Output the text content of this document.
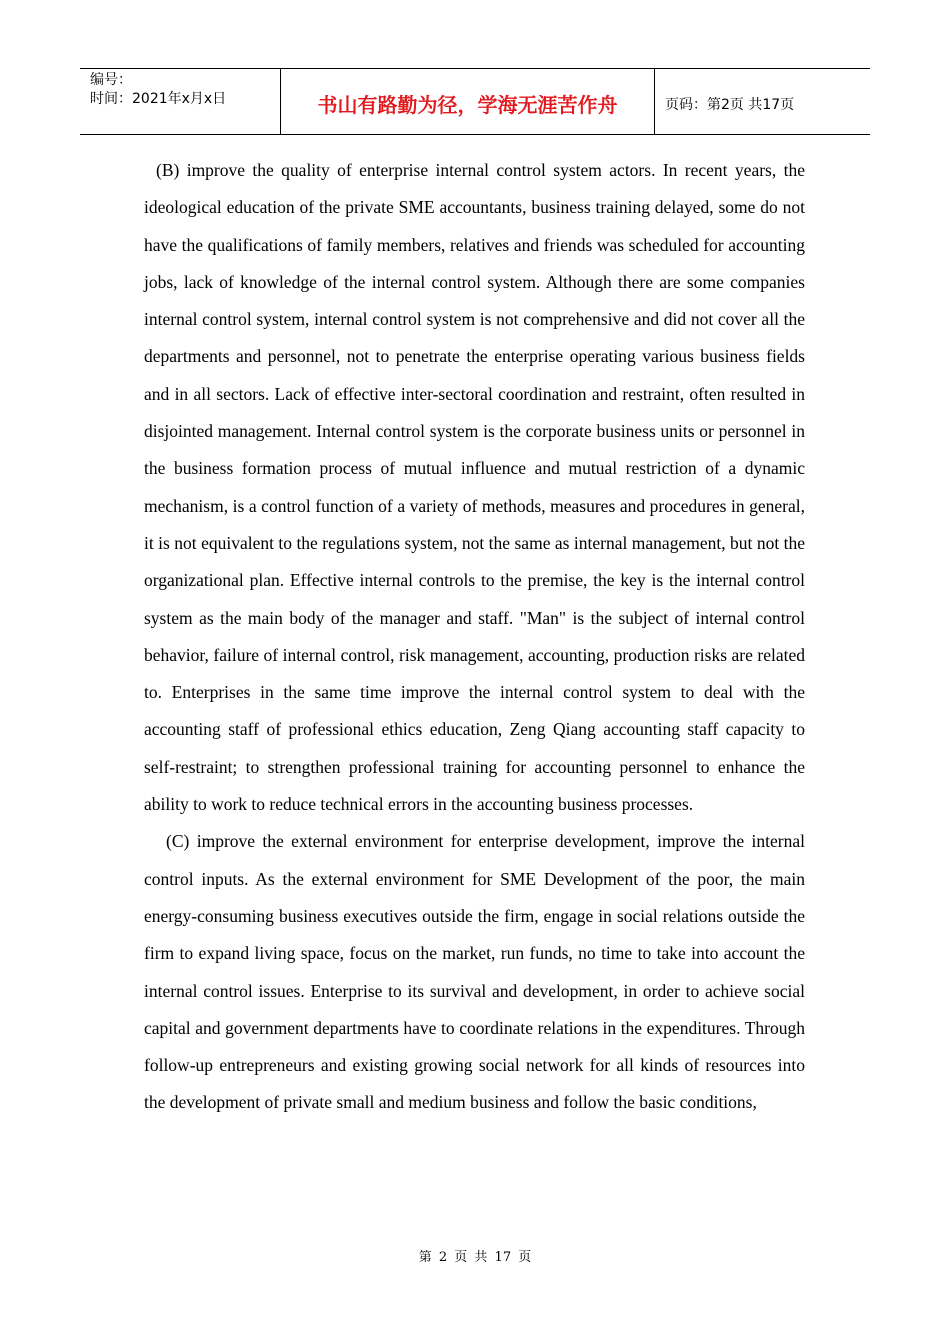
编号：
时间：2021年x月x日	书山有路勤为径，学海无涯苦作舟	页码：第2页 共17页

(B) improve the quality of enterprise internal control system actors. In recent years, the ideological education of the private SME accountants, business training delayed, some do not have the qualifications of family members, relatives and friends was scheduled for accounting jobs, lack of knowledge of the internal control system. Although there are some companies internal control system, internal control system is not comprehensive and did not cover all the departments and personnel, not to penetrate the enterprise operating various business fields and in all sectors. Lack of effective inter-sectoral coordination and restraint, often resulted in disjointed management. Internal control system is the corporate business units or personnel in the business formation process of mutual influence and mutual restriction of a dynamic mechanism, is a control function of a variety of methods, measures and procedures in general, it is not equivalent to the regulations system, not the same as internal management, but not the organizational plan. Effective internal controls to the premise, the key is the internal control system as the main body of the manager and staff. "Man" is the subject of internal control behavior, failure of internal control, risk management, accounting, production risks are related to. Enterprises in the same time improve the internal control system to deal with the accounting staff of professional ethics education, Zeng Qiang accounting staff capacity to self-restraint; to strengthen professional training for accounting personnel to enhance the ability to work to reduce technical errors in the accounting business processes.

(C) improve the external environment for enterprise development, improve the internal control inputs. As the external environment for SME Development of the poor, the main energy-consuming business executives outside the firm, engage in social relations outside the firm to expand living space, focus on the market, run funds, no time to take into account the internal control issues. Enterprise to its survival and development, in order to achieve social capital and government departments have to coordinate relations in the expenditures. Through follow-up entrepreneurs and existing growing social network for all kinds of resources into the development of private small and medium business and follow the basic conditions,

第 2 页 共 17 页
